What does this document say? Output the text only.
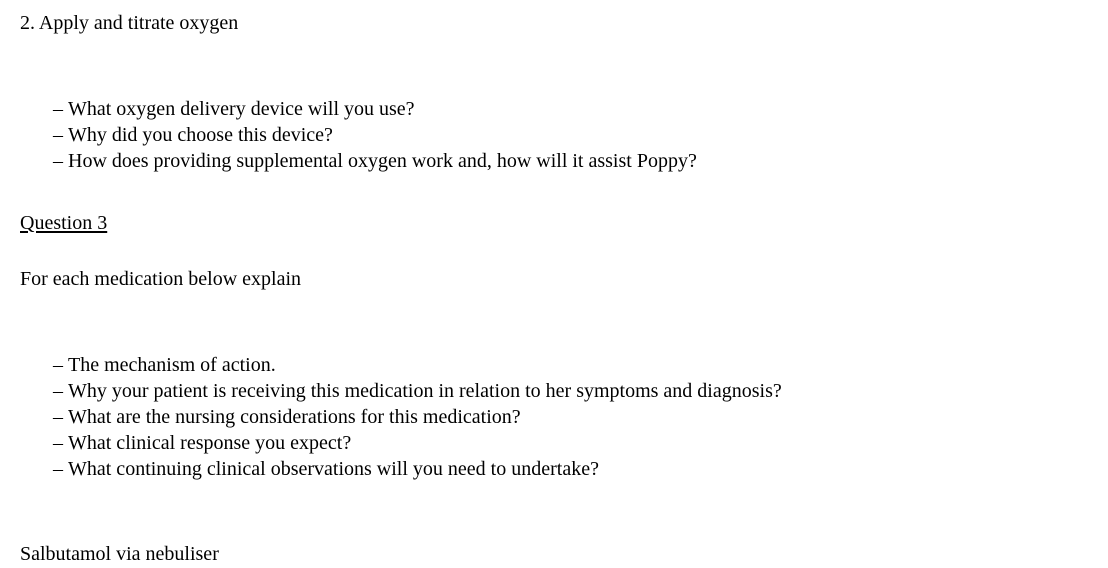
2. Apply and titrate oxygen
– What oxygen delivery device will you use?
– Why did you choose this device?
– How does providing supplemental oxygen work and, how will it assist Poppy?
Question 3
For each medication below explain
– The mechanism of action.
– Why your patient is receiving this medication in relation to her symptoms and diagnosis?
– What are the nursing considerations for this medication?
– What clinical response you expect?
– What continuing clinical observations will you need to undertake?
Salbutamol via nebuliser
